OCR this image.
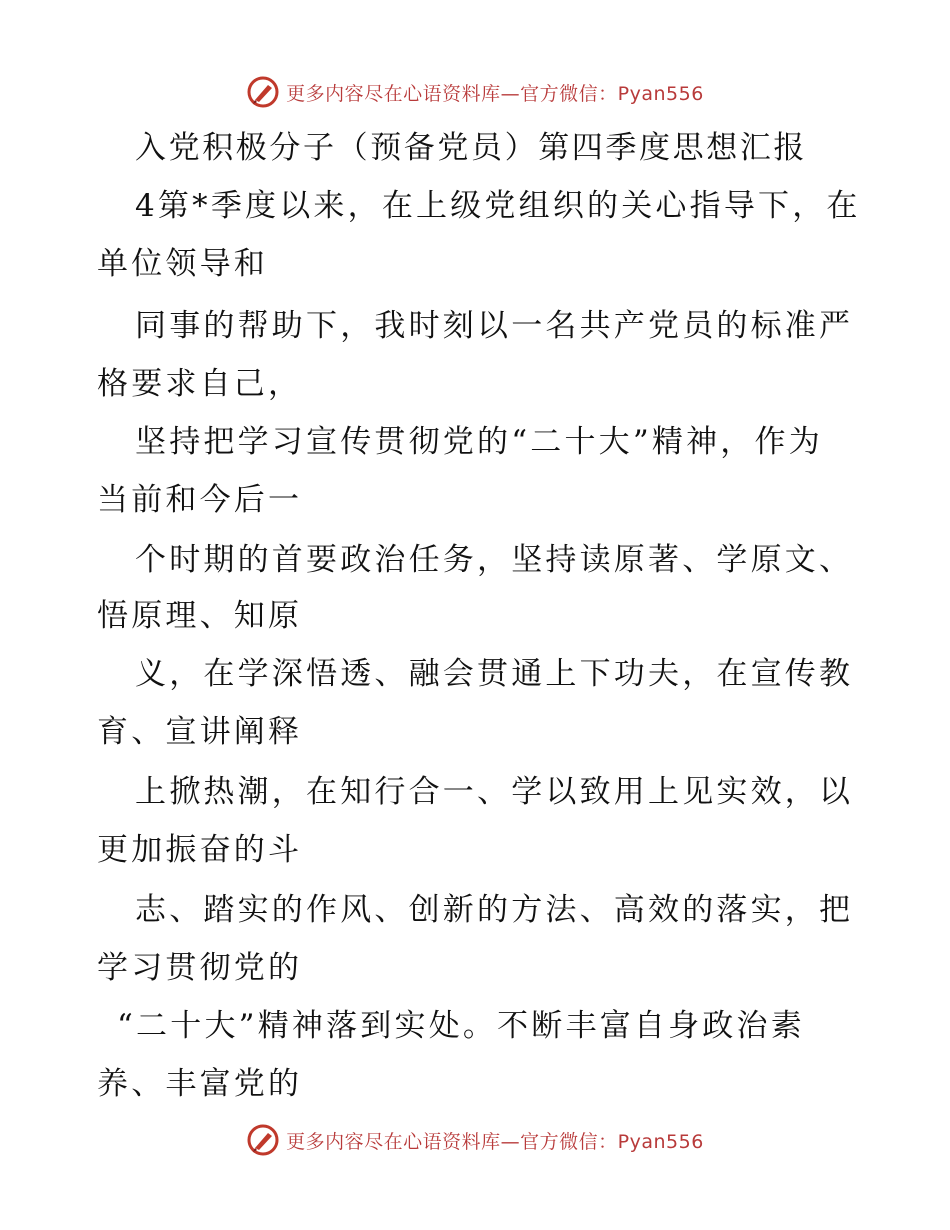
更多内容尽在心语资料库—官方微信：Pyan556
入党积极分子（预备党员）第四季度思想汇报
4第*季度以来，在上级党组织的关心指导下，在
单位领导和
同事的帮助下，我时刻以一名共产党员的标准严
格要求自己，
坚持把学习宣传贯彻党的“二十大”精神，作为
当前和今后一
个时期的首要政治任务，坚持读原著、学原文、
悟原理、知原
义，在学深悟透、融会贯通上下功夫，在宣传教
育、宣讲阐释
上掀热潮，在知行合一、学以致用上见实效，以
更加振奋的斗
志、踏实的作风、创新的方法、高效的落实，把
学习贯彻党的
“二十大”精神落到实处。不断丰富自身政治素
养、丰富党的
更多内容尽在心语资料库—官方微信：Pyan556
